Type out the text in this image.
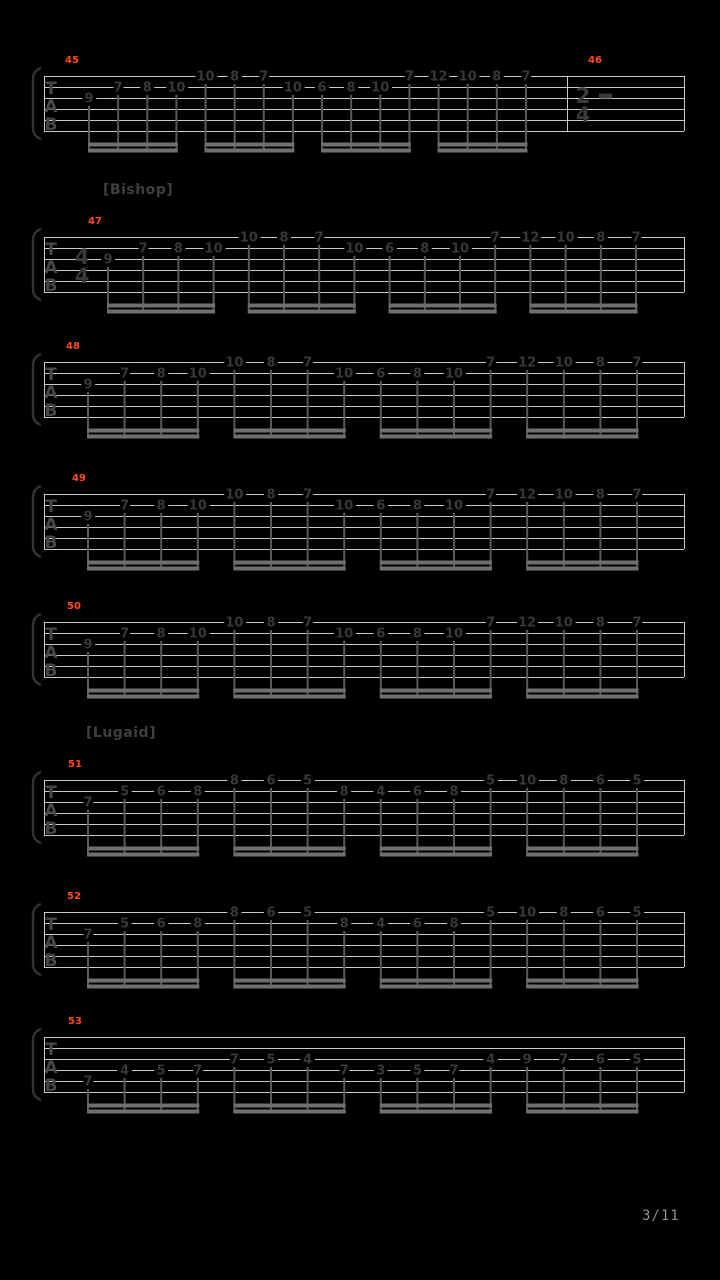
T
A
B
45
9
7 8 10
10 8 7
10 6 8 10
7 12 10 8 7
46
2
4
T
A
B
47
4
4
9
7 8 10
10 8 7
10 6 8 10
7 12 10 8 7
T
A
B
48
9
7 8 10
10 8 7
10 6 8 10
7 12 10 8 7
T
A
B
49
9
7 8 10
10 8 7
10 6 8 10
7 12 10 8 7
T
A
B
50
9
7 8 10
10 8 7
10 6 8 10
7 12 10 8 7
T
A
B
51
7
5 6 8
8 6 5
8 4 6 8
5 10 8 6 5
T
A
B
52
7
5 6 8
8 6 5
8 4 6 8
5 10 8 6 5
T
A
B
53
7
4 5 7
7 5 4
7 3 5 7
4 9 7 6 5
3/11
[Bishop]
[Lugaid]
